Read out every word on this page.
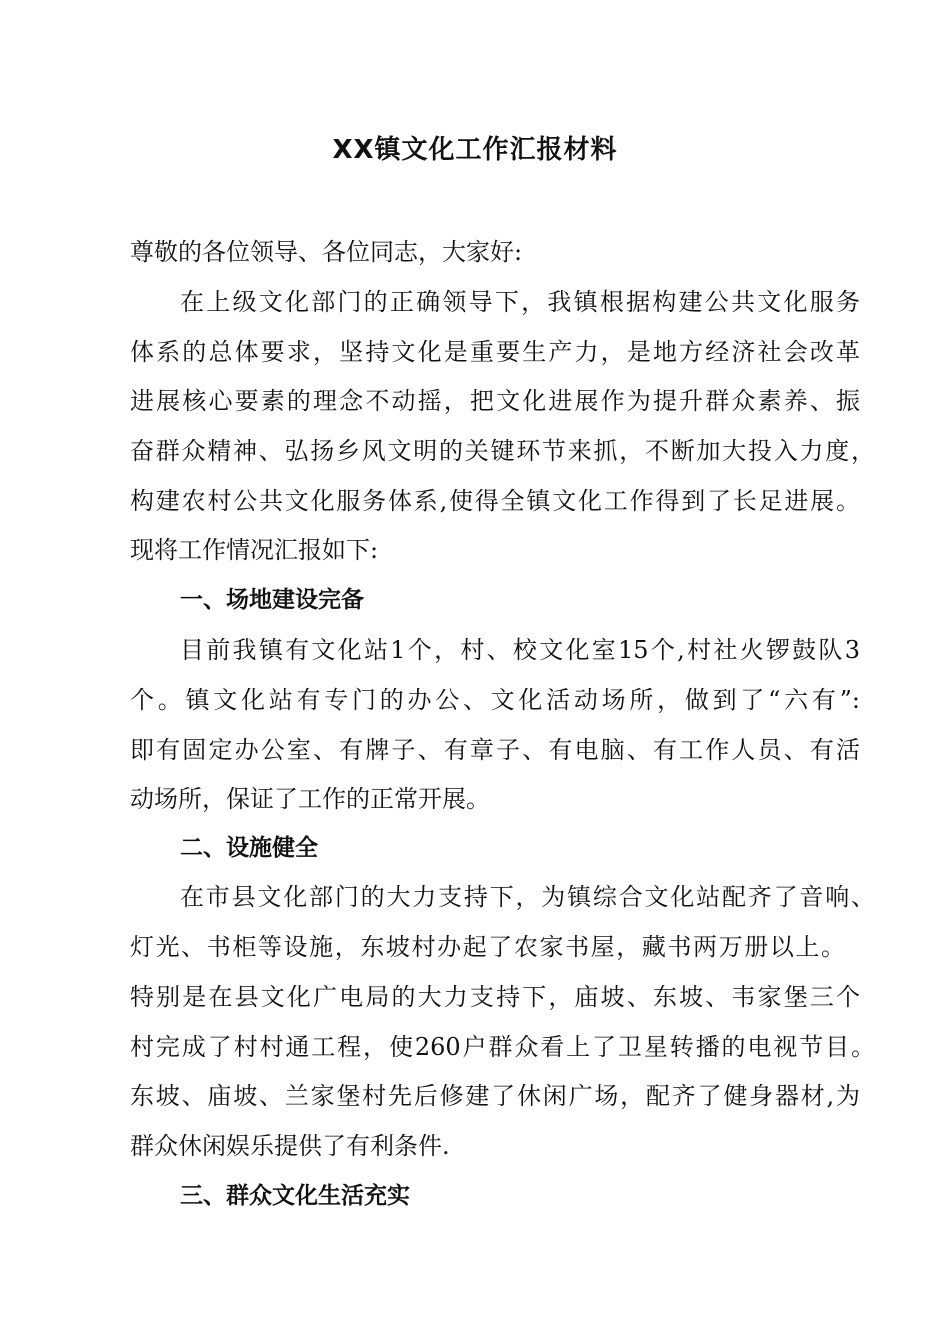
XX镇文化工作汇报材料
尊敬的各位领导、各位同志，大家好:
在上级文化部门的正确领导下，我镇根据构建公共文化服务
体系的总体要求，坚持文化是重要生产力，是地方经济社会改革
进展核心要素的理念不动摇，把文化进展作为提升群众素养、振
奋群众精神、弘扬乡风文明的关键环节来抓，不断加大投入力度，
构建农村公共文化服务体系,使得全镇文化工作得到了长足进展。
现将工作情况汇报如下:
一、场地建设完备
目前我镇有文化站1个，村、校文化室15个,村社火锣鼓队3
个。镇文化站有专门的办公、文化活动场所，做到了“六有”:
即有固定办公室、有牌子、有章子、有电脑、有工作人员、有活
动场所，保证了工作的正常开展。
二、设施健全
在市县文化部门的大力支持下，为镇综合文化站配齐了音响、
灯光、书柜等设施，东坡村办起了农家书屋，藏书两万册以上。
特别是在县文化广电局的大力支持下，庙坡、东坡、韦家堡三个
村完成了村村通工程，使260户群众看上了卫星转播的电视节目。
东坡、庙坡、兰家堡村先后修建了休闲广场，配齐了健身器材,为
群众休闲娱乐提供了有利条件.
三、群众文化生活充实
